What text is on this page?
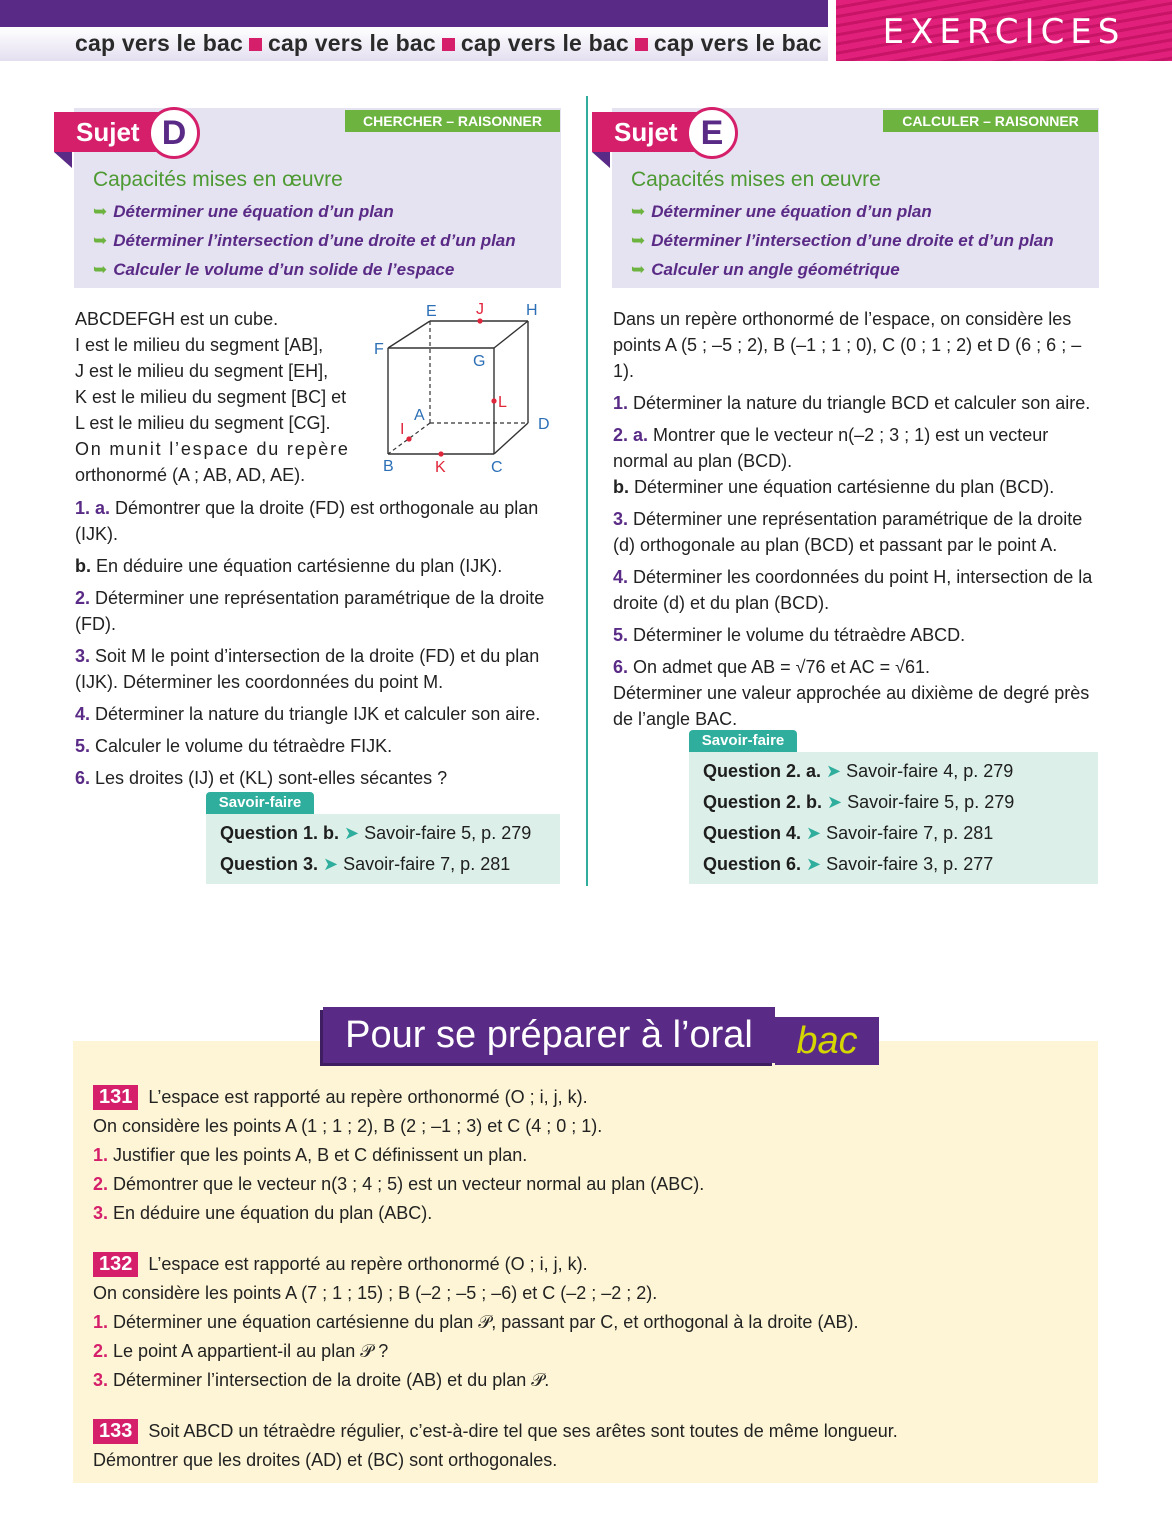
cap vers le bac cap vers le bac cap vers le bac cap vers le bac	EXERCICES
CHERCHER – RAISONNER
Sujet D
Capacités mises en œuvre
➥ Déterminer une équation d’un plan
➥ Déterminer l’intersection d’une droite et d’un plan
➥ Calculer le volume d’un solide de l’espace
ABCDEFGH est un cube.
I est le milieu du segment [AB],
J est le milieu du segment [EH],
K est le milieu du segment [BC] et
L est le milieu du segment [CG].
On munit l’espace du repère
orthonormé (A ; AB, AD, AE).
E J	H
F
G
L
A
I	D
B	K	C
1. a. Démontrer que la droite (FD) est orthogonale au plan (IJK).
b. En déduire une équation cartésienne du plan (IJK).
2. Déterminer une représentation paramétrique de la droite (FD).
3. Soit M le point d’intersection de la droite (FD) et du plan (IJK). Déterminer les coordonnées du point M.
4. Déterminer la nature du triangle IJK et calculer son aire.
5. Calculer le volume du tétraèdre FIJK.
6. Les droites (IJ) et (KL) sont-elles sécantes ?
Savoir-faire
Question 1. b. ➤ Savoir-faire 5, p. 279
Question 3. ➤ Savoir-faire 7, p. 281
CALCULER – RAISONNER
Sujet E
Capacités mises en œuvre
➥ Déterminer une équation d’un plan
➥ Déterminer l’intersection d’une droite et d’un plan
➥ Calculer un angle géométrique
Dans un repère orthonormé de l’espace, on considère les points A (5 ; –5 ; 2), B (–1 ; 1 ; 0), C (0 ; 1 ; 2) et D (6 ; 6 ; –1).
1. Déterminer la nature du triangle BCD et calculer son aire.
2. a. Montrer que le vecteur n(–2 ; 3 ; 1) est un vecteur normal au plan (BCD).
b. Déterminer une équation cartésienne du plan (BCD).
3. Déterminer une représentation paramétrique de la droite (d) orthogonale au plan (BCD) et passant par le point A.
4. Déterminer les coordonnées du point H, intersection de la droite (d) et du plan (BCD).
5. Déterminer le volume du tétraèdre ABCD.
6. On admet que AB = √76 et AC = √61.
Déterminer une valeur approchée au dixième de degré près de l’angle BAC.
Savoir-faire
Question 2. a. ➤ Savoir-faire 4, p. 279
Question 2. b. ➤ Savoir-faire 5, p. 279
Question 4. ➤ Savoir-faire 7, p. 281
Question 6. ➤ Savoir-faire 3, p. 277
Pour se préparer à l’oral	bac
131 L’espace est rapporté au repère orthonormé (O ; i, j, k).
On considère les points A (1 ; 1 ; 2), B (2 ; –1 ; 3) et C (4 ; 0 ; 1).
1. Justifier que les points A, B et C définissent un plan.
2. Démontrer que le vecteur n(3 ; 4 ; 5) est un vecteur normal au plan (ABC).
3. En déduire une équation du plan (ABC).
132 L’espace est rapporté au repère orthonormé (O ; i, j, k).
On considère les points A (7 ; 1 ; 15) ; B (–2 ; –5 ; –6) et C (–2 ; –2 ; 2).
1. Déterminer une équation cartésienne du plan 𝒫, passant par C, et orthogonal à la droite (AB).
2. Le point A appartient-il au plan 𝒫 ?
3. Déterminer l’intersection de la droite (AB) et du plan 𝒫.
133 Soit ABCD un tétraèdre régulier, c’est-à-dire tel que ses arêtes sont toutes de même longueur.
Démontrer que les droites (AD) et (BC) sont orthogonales.
